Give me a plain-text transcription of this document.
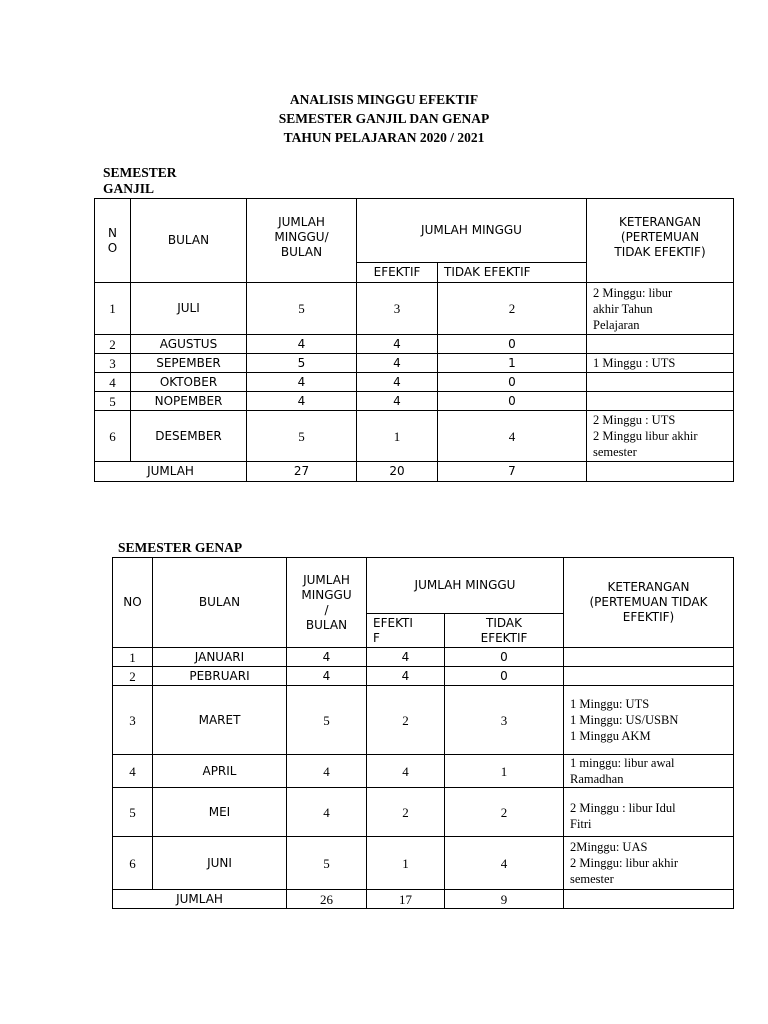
ANALISIS MINGGU EFEKTIF
SEMESTER GANJIL DAN GENAP
TAHUN PELAJARAN 2020 / 2021
SEMESTER
GANJIL
N
O	BULAN	JUMLAH
MINGGU/
BULAN	JUMLAH MINGGU		KETERANGAN
(PERTEMUAN
TIDAK EFEKTIF)

			EFEKTIF	TIDAK EFEKTIF	
1	JULI	5	3	2	2 Minggu: libur
akhir Tahun
Pelajaran

2	AGUSTUS	4	4	0	
3	SEPEMBER	5	4	1	1 Minggu : UTS

4	OKTOBER	4	4	0	
5	NOPEMBER	4	4	0	
6	DESEMBER	5	1	4	2 Minggu : UTS
2 Minggu libur akhir
semester

JUMLAH		27	20	7	
SEMESTER GENAP
NO	BULAN	JUMLAH
MINGGU
/
BULAN	JUMLAH MINGGU		KETERANGAN
(PERTEMUAN TIDAK
EFEKTIF)

			EFEKTI
F	TIDAK
EFEKTIF	

1	JANUARI	4	4	0	
2	PEBRUARI	4	4	0	
3	MARET	5	2	3	1 Minggu: UTS
1 Minggu: US/USBN
1 Minggu AKM

4	APRIL	4	4	1	1 minggu: libur awal
Ramadhan

5	MEI	4	2	2	2 Minggu : libur Idul
Fitri

6	JUNI	5	1	4	2Minggu: UAS
2 Minggu: libur akhir
semester

JUMLAH		26	17	9	
